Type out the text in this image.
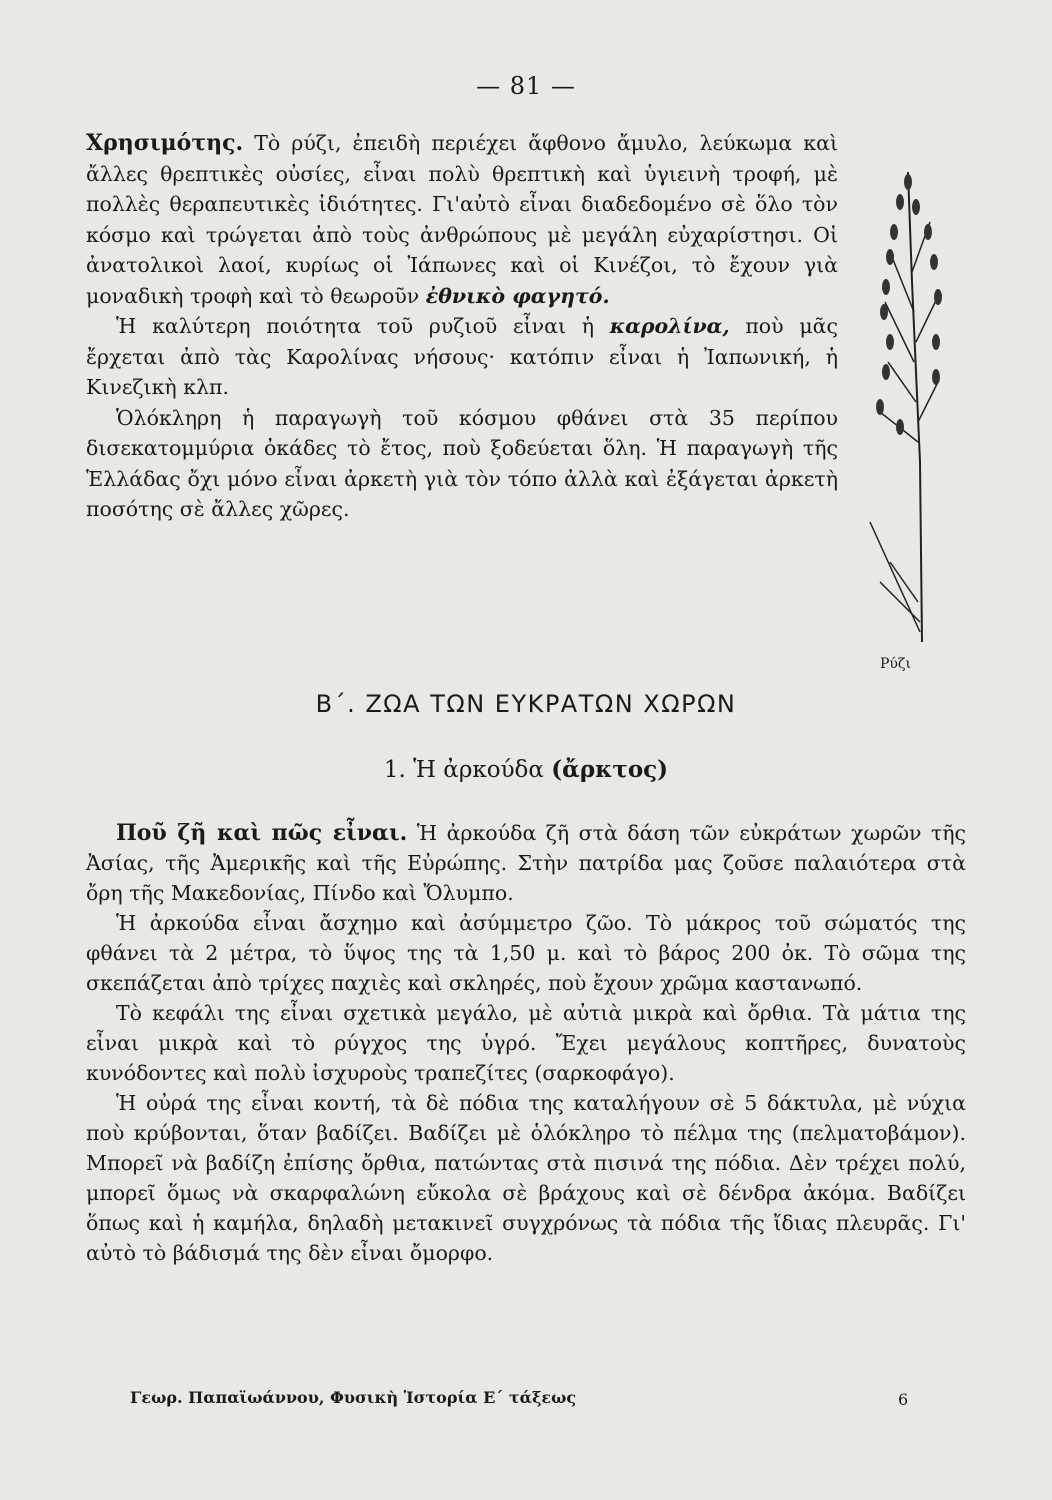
— 81 —

Χρησιμότης. Τὸ ρύζι, ἐπειδὴ περιέχει ἄφθονο ἄμυλο, λεύκωμα καὶ ἄλλες θρεπτικὲς οὐσίες, εἶναι πολὺ θρεπτικὴ καὶ ὑγιεινὴ τροφή, μὲ πολλὲς θεραπευτικὲς ἰδιότητες. Γι'αὐτὸ εἶναι διαδεδομένο σὲ ὅλο τὸν κόσμο καὶ τρώγεται ἀπὸ τοὺς ἀνθρώπους μὲ μεγάλη εὐχαρίστησι. Οἱ ἀνατολικοὶ λαοί, κυρίως οἱ Ἰάπωνες καὶ οἱ Κινέζοι, τὸ ἔχουν γιὰ μοναδικὴ τροφὴ καὶ τὸ θεωροῦν ἐθνικὸ φαγητό.

Ἡ καλύτερη ποιότητα τοῦ ρυζιοῦ εἶναι ἡ καρολίνα, ποὺ μᾶς ἔρχεται ἀπὸ τὰς Καρολίνας νήσους· κατόπιν εἶναι ἡ Ἰαπωνική, ἡ Κινεζικὴ κλπ.

Ὁλόκληρη ἡ παραγωγὴ τοῦ κόσμου φθάνει στὰ 35 περίπου δισεκατομμύρια ὀκάδες τὸ ἔτος, ποὺ ξοδεύεται ὅλη. Ἡ παραγωγὴ τῆς Ἑλλάδας ὄχι μόνο εἶναι ἀρκετὴ γιὰ τὸν τόπο ἀλλὰ καὶ ἐξάγεται ἀρκετὴ ποσότης σὲ ἄλλες χῶρες.

Ρύζι
Β΄. ΖΩΑ ΤΩΝ ΕΥΚΡΑΤΩΝ ΧΩΡΩΝ
1. Ἡ ἀρκούδα (ἄρκτος)

Ποῦ ζῆ καὶ πῶς εἶναι. Ἡ ἀρκούδα ζῆ στὰ δάση τῶν εὐκράτων χωρῶν τῆς Ἀσίας, τῆς Ἀμερικῆς καὶ τῆς Εὐρώπης. Στὴν πατρίδα μας ζοῦσε παλαιότερα στὰ ὄρη τῆς Μακεδονίας, Πίνδο καὶ Ὄλυμπο.

Ἡ ἀρκούδα εἶναι ἄσχημο καὶ ἀσύμμετρο ζῶο. Τὸ μάκρος τοῦ σώματός της φθάνει τὰ 2 μέτρα, τὸ ὕψος της τὰ 1,50 μ. καὶ τὸ βάρος 200 ὀκ. Τὸ σῶμα της σκεπάζεται ἀπὸ τρίχες παχιὲς καὶ σκληρές, ποὺ ἔχουν χρῶμα καστανωπό.

Τὸ κεφάλι της εἶναι σχετικὰ μεγάλο, μὲ αὐτιὰ μικρὰ καὶ ὄρθια. Τὰ μάτια της εἶναι μικρὰ καὶ τὸ ρύγχος της ὑγρό. Ἔχει μεγάλους κοπτῆρες, δυνατοὺς κυνόδοντες καὶ πολὺ ἰσχυροὺς τραπεζίτες (σαρκοφάγο).

Ἡ οὐρά της εἶναι κοντή, τὰ δὲ πόδια της καταλήγουν σὲ 5 δάκτυλα, μὲ νύχια ποὺ κρύβονται, ὅταν βαδίζει. Βαδίζει μὲ ὁλόκληρο τὸ πέλμα της (πελματοβάμον). Μπορεῖ νὰ βαδίζη ἐπίσης ὄρθια, πατώντας στὰ πισινά της πόδια. Δὲν τρέχει πολύ, μπορεῖ ὅμως νὰ σκαρφαλώνη εὔκολα σὲ βράχους καὶ σὲ δένδρα ἀκόμα. Βαδίζει ὅπως καὶ ἡ καμήλα, δηλαδὴ μετακινεῖ συγχρόνως τὰ πόδια τῆς ἴδιας πλευρᾶς. Γι' αὐτὸ τὸ βάδισμά της δὲν εἶναι ὄμορφο.

Γεωρ. Παπαϊωάννου, Φυσικὴ Ἱστορία Ε΄ τάξεως	6
